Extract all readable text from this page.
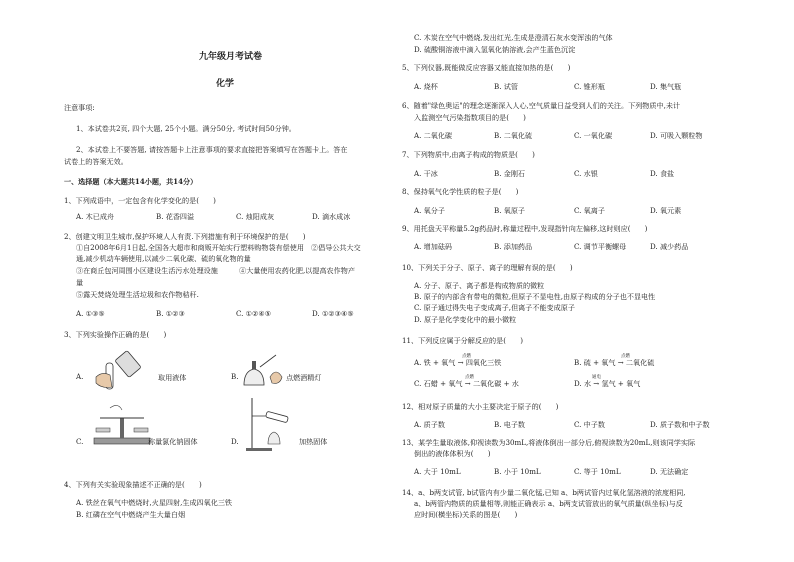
九年级月考试卷
化学
注意事项:
1、本试卷共2页, 四个大题, 25个小题。满分50分, 考试时间50分钟。
2、本试卷上不要答题, 请按答题卡上注意事项的要求直接把答案填写在答题卡上。答在
试卷上的答案无效。
一、选择题（本大题共14小题，共14分）
1、下列成语中，一定包含有化学变化的是(　　)
A. 木已成舟	B. 花香四溢	C. 烛阳成灰	D. 滴水成冰
2、创建文明卫生城市,保护环境人人有责.下列措施有利于环境保护的是(　　)
①自2008年6月1日起,全国各大超市和商贩开始实行塑料购物袋有偿使用　②倡导公共大交
通,减少机动车辆使用,以减少二氧化碳、硫的氧化物的量
③在商丘包河周围小区建设生活污水处理设施　　　④大量使用农药化肥,以提高农作物产
量
⑤露天焚烧处理生活垃圾和农作物秸秆.
A. ①③⑤	B. ①②③	C. ①②④⑤	D. ①②③④⑤
3、下列实验操作正确的是(　　)
A.	取用液体	B.	点燃酒精灯
C.	称量氯化钠固体	D.	加热固体
4、下列有关实验现象描述不正确的是(　　)
A. 铁丝在氧气中燃烧时,火星四射,生成四氧化三铁
B. 红磷在空气中燃烧产生大量白烟
C. 木炭在空气中燃烧,发出红光,生成是澄清石灰水变浑浊的气体
D. 硫酸铜溶液中滴入氢氧化钠溶液,会产生蓝色沉淀
5、下列仪器,既能做反应容器又能直接加热的是(　　)
A. 烧杯	B. 试管	C. 锥形瓶	D. 集气瓶
6、随着"绿色奥运"的理念逐渐深入人心,空气质量日益受到人们的关注。下列物质中,未计
入监测空气污染指数项目的是(　　)
A. 二氧化碳	B. 二氧化硫	C. 一氧化碳	D. 可吸入颗粒物
7、下列物质中,由离子构成的物质是(　　)
A. 干冰	B. 金刚石	C. 水银	D. 食盐
8、保持氧气化学性质的粒子是(　　)
A. 氧分子	B. 氧原子	C. 氧离子	D. 氧元素
9、用托盘天平称量5.2g药品时,称量过程中,发现指针向左偏移,这时则应(　　)
A. 增加砝码	B. 添加药品	C. 调节平衡螺母	D. 减少药品
10、下列关于分子、原子、离子的理解有误的是(　　)
A. 分子、原子、离子都是构成物质的微粒
B. 原子的内部含有带电的微粒,但原子不显电性,由原子构成的分子也不显电性
C. 原子通过得失电子变成离子,但离子不能变成原子
D. 原子是化学变化中的最小微粒
11、下列反应属于分解反应的是(　　)
A. 铁 + 氧气 → 四氧化三铁
点燃
B. 硫 + 氧气 → 二氧化硫
点燃
C. 石蜡 + 氧气 → 二氧化碳 + 水
点燃
D. 水 → 氢气 + 氧气
通电
12、相对原子质量的大小主要决定于原子的(　　)
A. 质子数	B. 电子数	C. 中子数	D. 质子数和中子数
13、某学生量取液体,仰视读数为30mL,将液体倒出一部分后,俯视读数为20mL,则该同学实际
倒出的液体体积为(　　)
A. 大于 10mL	B. 小于 10mL	C. 等于 10mL	D. 无法确定
14、a、b两支试管, b试管内有少量二氧化锰,已知 a、b两试管内过氧化氢溶液的浓度相同,
a、b两管内物质的质量相等,则能正确表示 a、b两支试管放出的氧气质量(纵坐标)与反
应时间(横坐标)关系的图是(　　)
